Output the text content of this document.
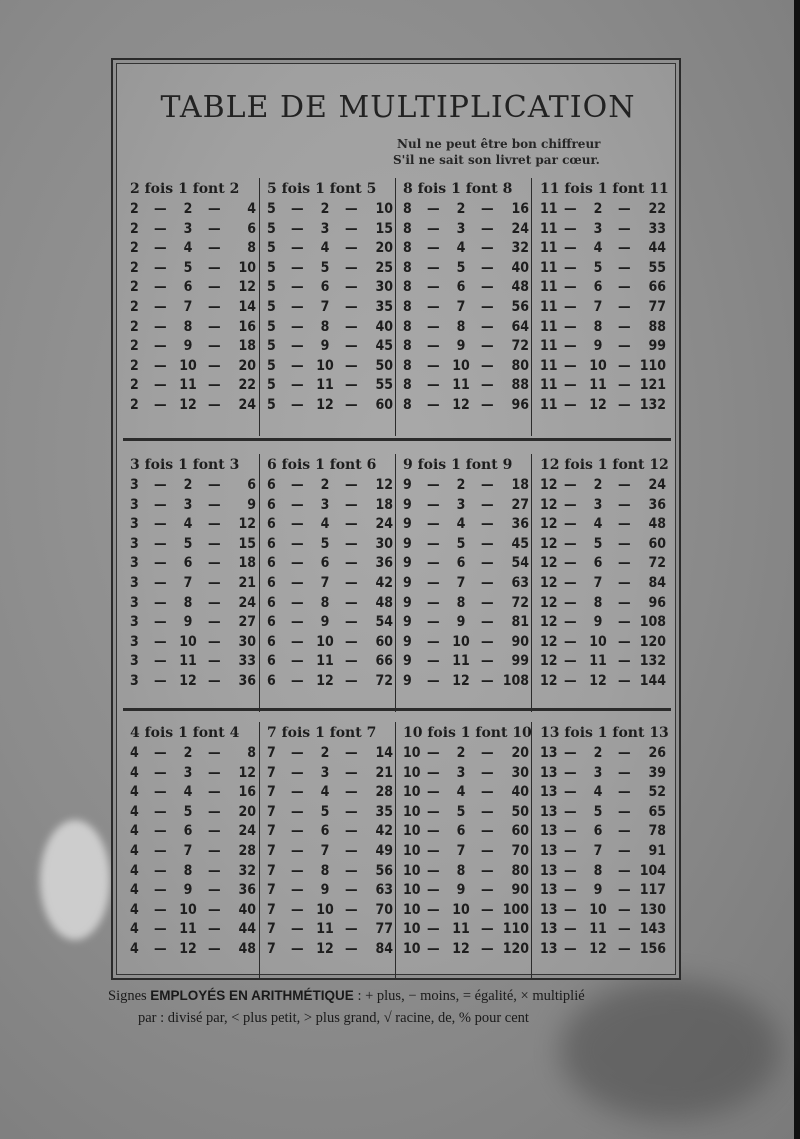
TABLE DE MULTIPLICATION
Nul ne peut être bon chiffreur
S'il ne sait son livret par cœur.
2 fois 1 font 2
2 —	2	— 4
2 —	3	— 6
2 —	4	— 8
2 —	5	— 10
2 —	6	— 12
2 —	7	— 14
2 —	8	— 16
2 —	9	— 18
2 — 10 — 20
2 — 11 — 22
2 — 12 — 24
5 fois 1 font 5
5 —	2	— 10
5 —	3	— 15
5 —	4	— 20
5 —	5	— 25
5 —	6	— 30
5 —	7	— 35
5 —	8	— 40
5 —	9	— 45
5 — 10 — 50
5 — 11 — 55
5 — 12 — 60
8 fois 1 font 8
8 —	2	— 16
8 —	3	— 24
8 —	4	— 32
8 —	5	— 40
8 —	6	— 48
8 —	7	— 56
8 —	8	— 64
8 —	9	— 72
8 — 10 — 80
8 — 11 — 88
8 — 12 — 96
11 fois 1 font 11
11 —	2	— 22
11 —	3	— 33
11 —	4	— 44
11 —	5	— 55
11 —	6	— 66
11 —	7	— 77
11 —	8	— 88
11 —	9	— 99
11 — 10 — 110
11 — 11 — 121
11 — 12 — 132
3 fois 1 font 3
3 —	2	— 6
3 —	3	— 9
3 —	4	— 12
3 —	5	— 15
3 —	6	— 18
3 —	7	— 21
3 —	8	— 24
3 —	9	— 27
3 — 10 — 30
3 — 11 — 33
3 — 12 — 36
6 fois 1 font 6
6 —	2	— 12
6 —	3	— 18
6 —	4	— 24
6 —	5	— 30
6 —	6	— 36
6 —	7	— 42
6 —	8	— 48
6 —	9	— 54
6 — 10 — 60
6 — 11 — 66
6 — 12 — 72
9 fois 1 font 9
9 —	2	— 18
9 —	3	— 27
9 —	4	— 36
9 —	5	— 45
9 —	6	— 54
9 —	7	— 63
9 —	8	— 72
9 —	9	— 81
9 — 10 — 90
9 — 11 — 99
9 — 12 — 108
12 fois 1 font 12
12 —	2	— 24
12 —	3	— 36
12 —	4	— 48
12 —	5	— 60
12 —	6	— 72
12 —	7	— 84
12 —	8	— 96
12 —	9	— 108
12 — 10 — 120
12 — 11 — 132
12 — 12 — 144
4 fois 1 font 4
4 —	2	— 8
4 —	3	— 12
4 —	4	— 16
4 —	5	— 20
4 —	6	— 24
4 —	7	— 28
4 —	8	— 32
4 —	9	— 36
4 — 10 — 40
4 — 11 — 44
4 — 12 — 48
7 fois 1 font 7
7 —	2	— 14
7 —	3	— 21
7 —	4	— 28
7 —	5	— 35
7 —	6	— 42
7 —	7	— 49
7 —	8	— 56
7 —	9	— 63
7 — 10 — 70
7 — 11 — 77
7 — 12 — 84
10 fois 1 font 10
10 —	2	— 20
10 —	3	— 30
10 —	4	— 40
10 —	5	— 50
10 —	6	— 60
10 —	7	— 70
10 —	8	— 80
10 —	9	— 90
10 — 10 — 100
10 — 11 — 110
10 — 12 — 120
13 fois 1 font 13
13 —	2	— 26
13 —	3	— 39
13 —	4	— 52
13 —	5	— 65
13 —	6	— 78
13 —	7	— 91
13 —	8	— 104
13 —	9	— 117
13 — 10 — 130
13 — 11 — 143
13 — 12 — 156
Signes EMPLOYÉS EN ARITHMÉTIQUE : + plus, − moins, = égalité, × multiplié
par : divisé par, < plus petit, > plus grand, √ racine, de, % pour cent
